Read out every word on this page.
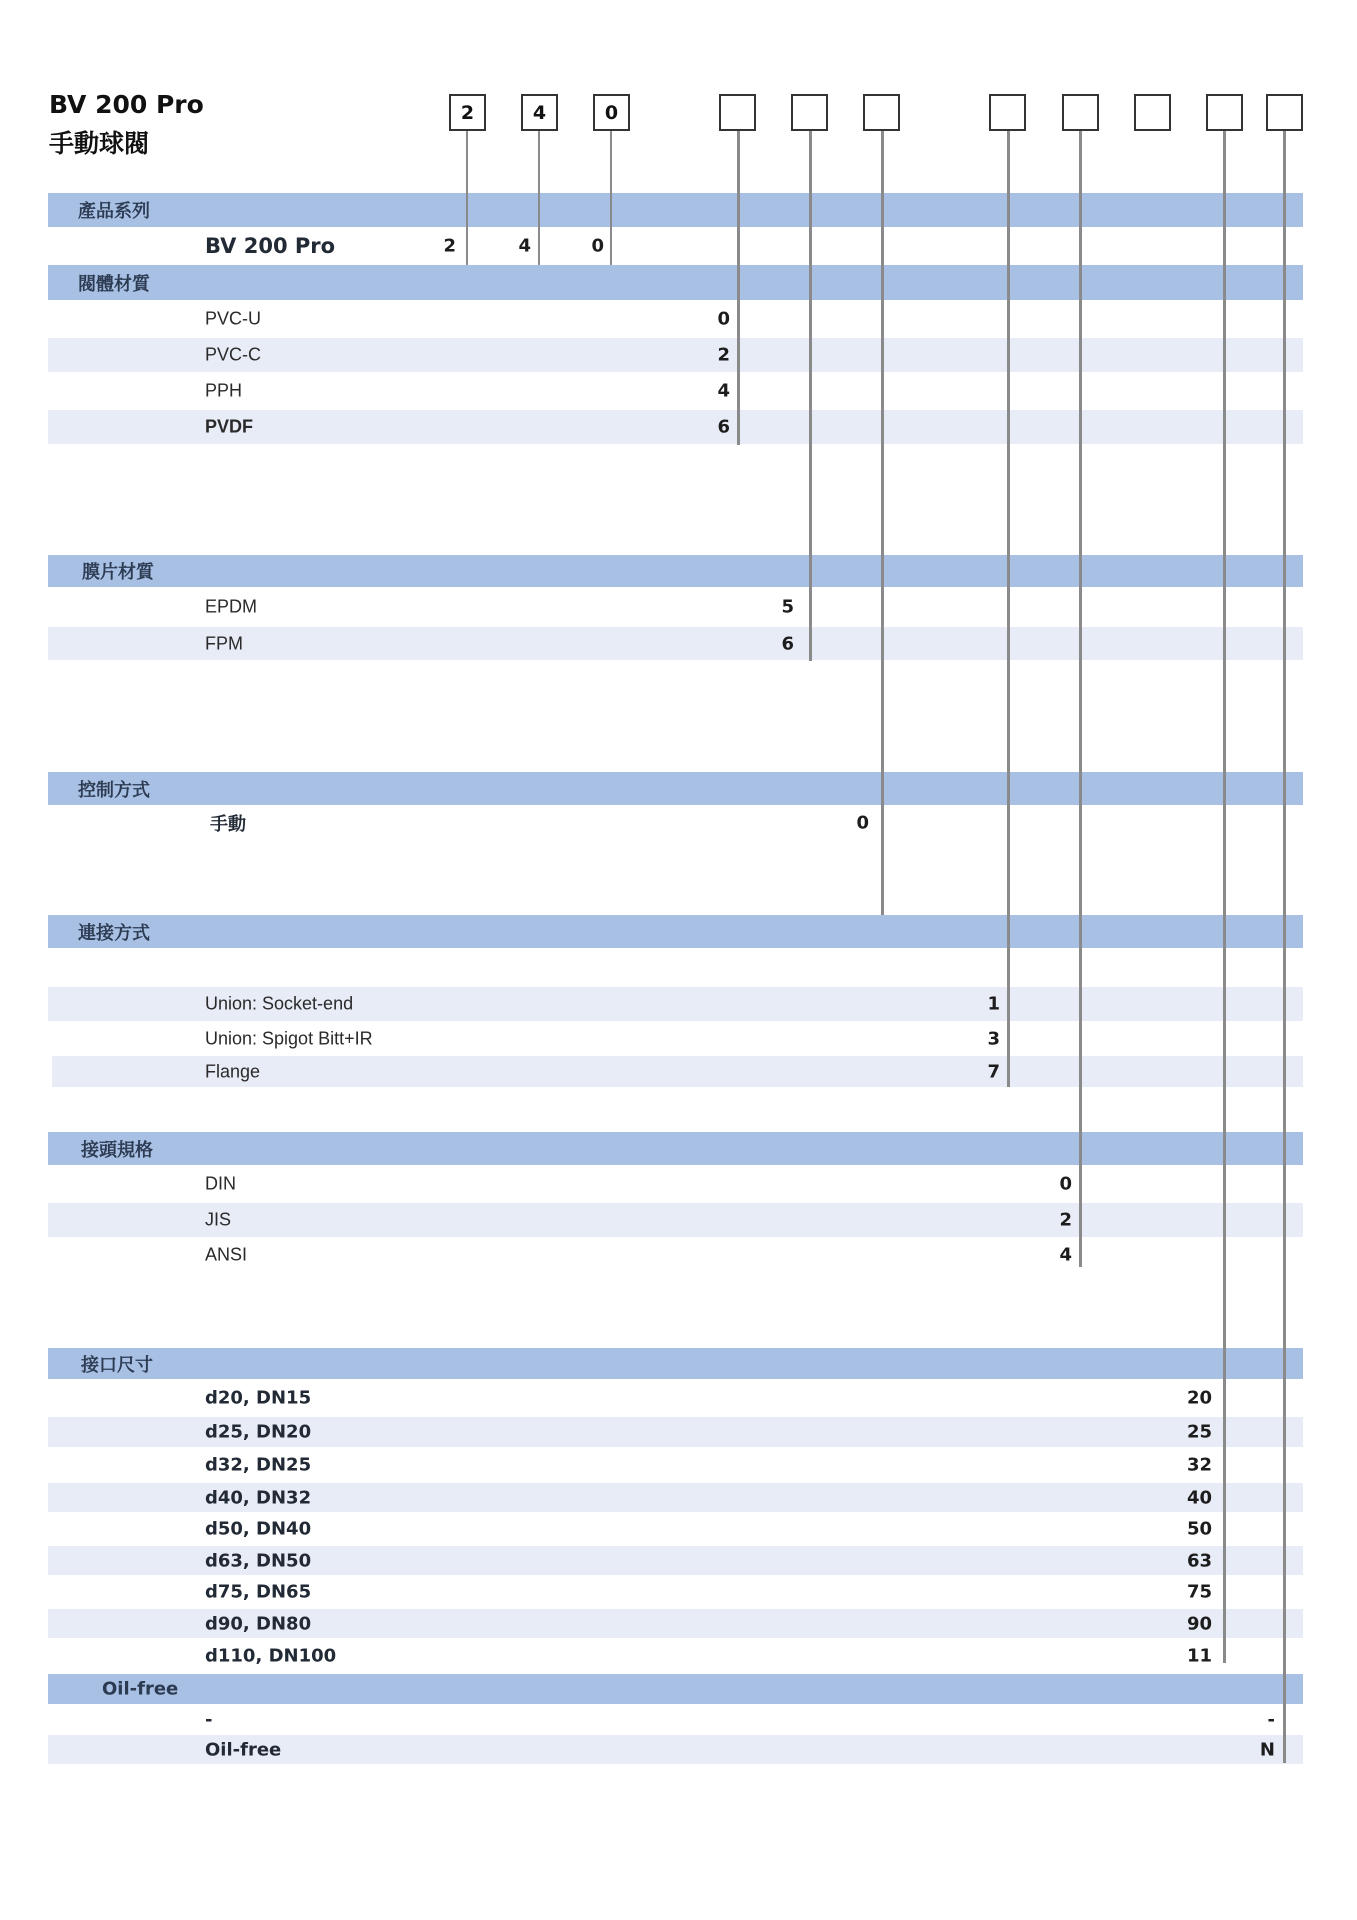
BV 200 Pro
手動球閥
2	4	0
產品系列
BV 200 Pro	2	4	0
閥體材質
PVC-U	0
PVC-C	2
PPH	4
PVDF	6
膜片材質
EPDM	5
FPM	6
控制方式
手動	0
連接方式
Union: Socket-end	1
Union: Spigot Bitt+IR	3
Flange	7
接頭規格
DIN	0
JIS	2
ANSI	4
接口尺寸
d20, DN15	20
d25, DN20	25
d32, DN25	32
d40, DN32	40
d50, DN40	50
d63, DN50	63
d75, DN65	75
d90, DN80	90
d110, DN100	11
Oil-free
-	-
Oil-free	N
